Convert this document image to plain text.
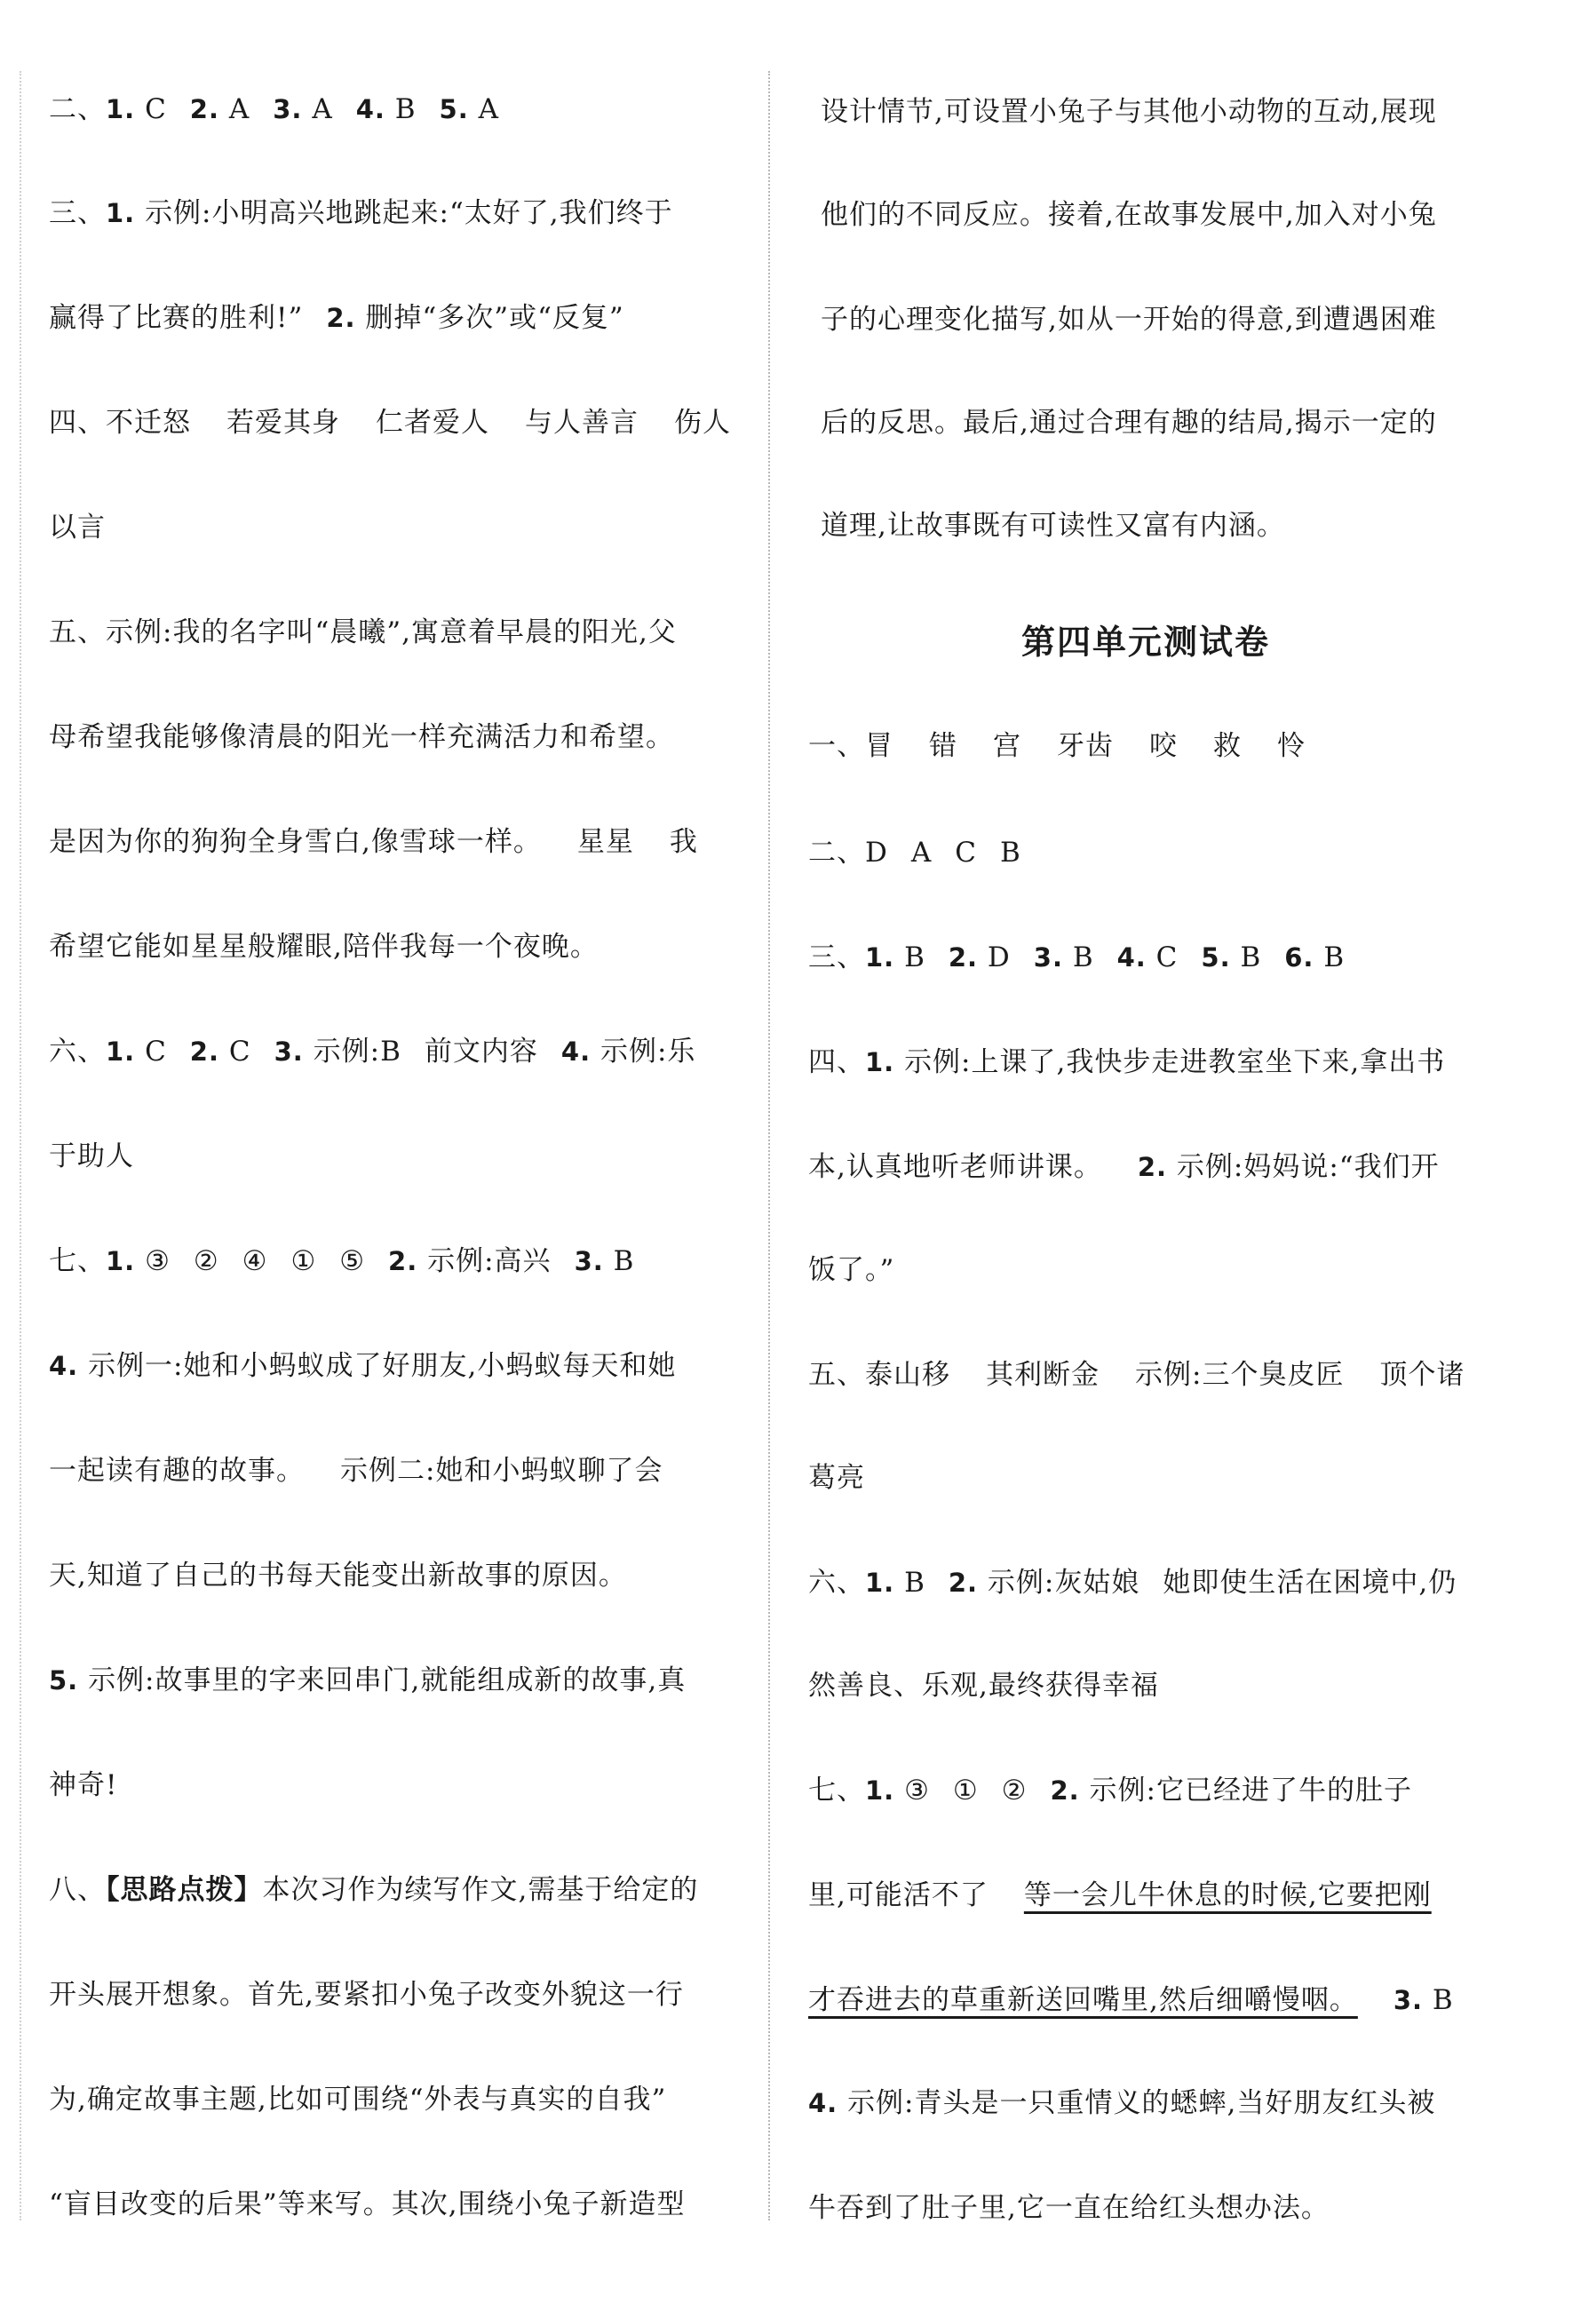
二、1. C 2. A 3. A 4. B 5. A
三、1. 示例:小明高兴地跳起来:“太好了,我们终于
赢得了比赛的胜利!” 2. 删掉“多次”或“反复”
四、不迁怒 若爱其身 仁者爱人 与人善言 伤人
以言
五、示例:我的名字叫“晨曦”,寓意着早晨的阳光,父
母希望我能够像清晨的阳光一样充满活力和希望。
是因为你的狗狗全身雪白,像雪球一样。 星星 我
希望它能如星星般耀眼,陪伴我每一个夜晚。
六、1. C 2. C 3. 示例:B 前文内容 4. 示例:乐
于助人
七、1. ③ ② ④ ① ⑤ 2. 示例:高兴 3. B
4. 示例一:她和小蚂蚁成了好朋友,小蚂蚁每天和她
一起读有趣的故事。 示例二:她和小蚂蚁聊了会
天,知道了自己的书每天能变出新故事的原因。
5. 示例:故事里的字来回串门,就能组成新的故事,真
神奇!
八、【思路点拨】本次习作为续写作文,需基于给定的
开头展开想象。首先,要紧扣小兔子改变外貌这一行
为,确定故事主题,比如可围绕“外表与真实的自我”
“盲目改变的后果”等来写。其次,围绕小兔子新造型
设计情节,可设置小兔子与其他小动物的互动,展现
他们的不同反应。接着,在故事发展中,加入对小兔
子的心理变化描写,如从一开始的得意,到遭遇困难
后的反思。最后,通过合理有趣的结局,揭示一定的
道理,让故事既有可读性又富有内涵。
第四单元测试卷
一、冒 错 宫 牙齿 咬 救 怜
二、D A C B
三、1. B 2. D 3. B 4. C 5. B 6. B
四、1. 示例:上课了,我快步走进教室坐下来,拿出书
本,认真地听老师讲课。 2. 示例:妈妈说:“我们开
饭了。”
五、泰山移 其利断金 示例:三个臭皮匠 顶个诸
葛亮
六、1. B 2. 示例:灰姑娘 她即使生活在困境中,仍
然善良、乐观,最终获得幸福
七、1. ③ ① ② 2. 示例:它已经进了牛的肚子
里,可能活不了 等一会儿牛休息的时候,它要把刚
才吞进去的草重新送回嘴里,然后细嚼慢咽。 3. B
4. 示例:青头是一只重情义的蟋蟀,当好朋友红头被
牛吞到了肚子里,它一直在给红头想办法。
